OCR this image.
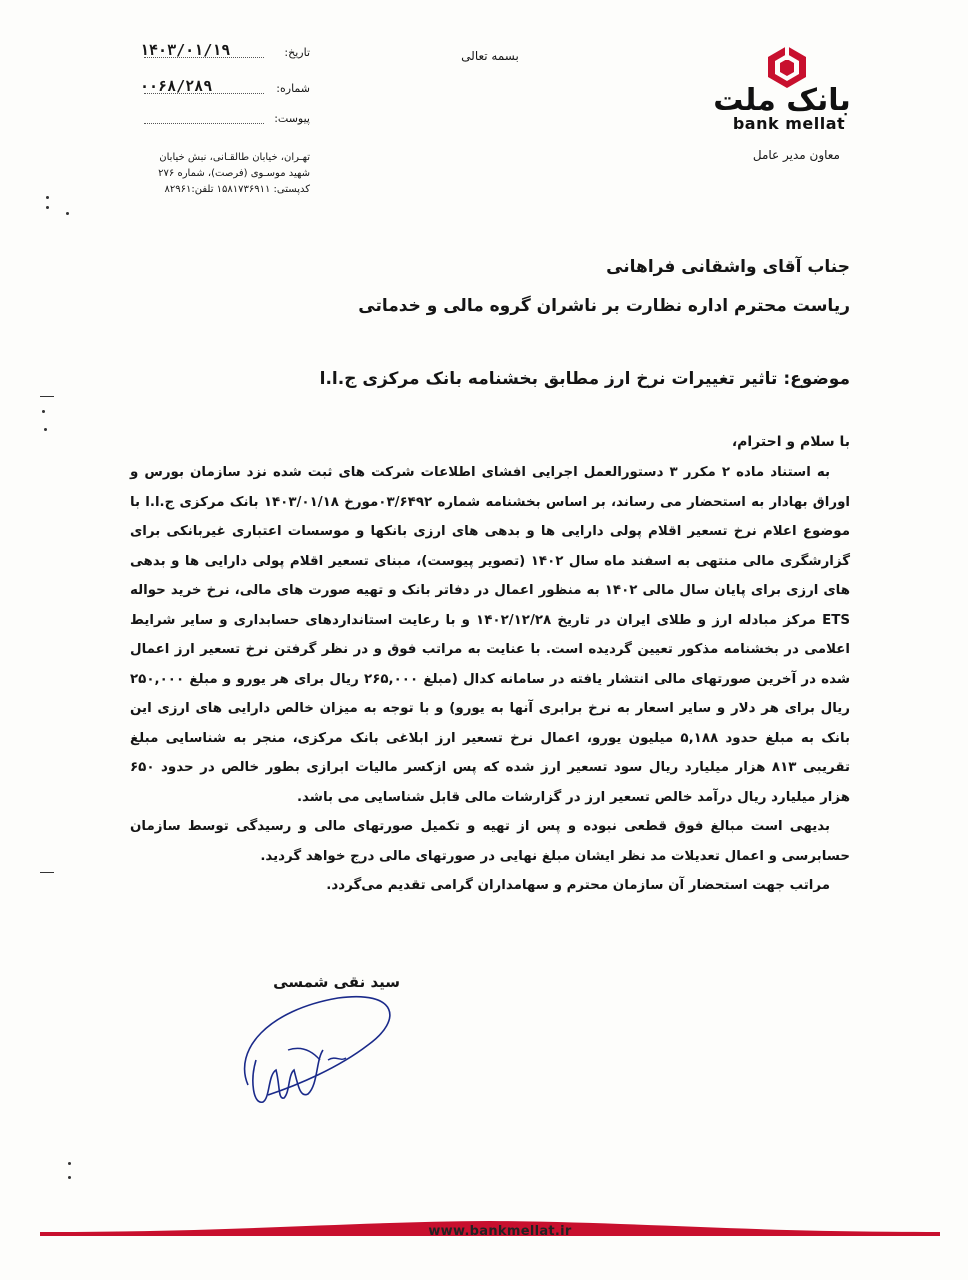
بانک ملت
bank mellat
معاون مدیر عامل
بسمه تعالی
تاریخ:
۱۴۰۳/۰۱/۱۹
شماره:
۰۰۶۸/۲۸۹
پیوست:
تهـران، خیابان طالقـانی، نبش خیابان
شهید موسـوی (فرصت)، شماره ۲۷۶
کدپستی: ۱۵۸۱۷۳۶۹۱۱ تلفن:۸۲۹۶۱
جناب آقای واشقانی فراهانی
ریاست محترم اداره نظارت بر ناشران گروه مالی و خدماتی
موضوع: تاثیر تغییرات نرخ ارز مطابق بخشنامه بانک مرکزی ج.ا.ا
با سلام و احترام،

به استناد ماده ۲ مکرر ۳ دستورالعمل اجرایی افشای اطلاعات شرکت های ثبت شده نزد سازمان بورس و اوراق بهادار به استحضار می رساند، بر اساس بخشنامه شماره ۰۳/۶۴۹۲مورخ ۱۴۰۳/۰۱/۱۸ بانک مرکزی ج.ا.ا با موضوع اعلام نرخ تسعیر اقلام پولی دارایی ها و بدهی های ارزی بانکها و موسسات اعتباری غیربانکی برای گزارشگری مالی منتهی به اسفند ماه سال ۱۴۰۲ (تصویر پیوست)، مبنای تسعیر اقلام پولی دارایی ها و بدهی های ارزی برای پایان سال مالی ۱۴۰۲ به منظور اعمال در دفاتر بانک و تهیه صورت های مالی، نرخ خرید حواله ETS مرکز مبادله ارز و طلای ایران در تاریخ ۱۴۰۲/۱۲/۲۸ و با رعایت استانداردهای حسابداری و سایر شرایط اعلامی در بخشنامه مذکور تعیین گردیده است. با عنایت به مراتب فوق و در نظر گرفتن نرخ تسعیر ارز اعمال شده در آخرین صورتهای مالی انتشار یافته در سامانه کدال (مبلغ ۲۶۵,۰۰۰ ریال برای هر یورو و مبلغ ۲۵۰,۰۰۰ ریال برای هر دلار و سایر اسعار به نرخ برابری آنها به یورو) و با توجه به میزان خالص دارایی های ارزی این بانک به مبلغ حدود ۵,۱۸۸ میلیون یورو، اعمال نرخ تسعیر ارز ابلاغی بانک مرکزی، منجر به شناسایی مبلغ تقریبی ۸۱۳ هزار میلیارد ریال سود تسعیر ارز شده که پس ازکسر مالیات ابرازی بطور خالص در حدود ۶۵۰ هزار میلیارد ریال درآمد خالص تسعیر ارز در گزارشات مالی قابل شناسایی می باشد.

بدیهی است مبالغ فوق قطعی نبوده و پس از تهیه و تکمیل صورتهای مالی و رسیدگی توسط سازمان حسابرسی و اعمال تعدیلات مد نظر ایشان مبلغ نهایی در صورتهای مالی درج خواهد گردید.

مراتب جهت استحضار آن سازمان محترم و سهامداران گرامی تقدیم می‌گردد.

سید نقی شمسی
www.bankmellat.ir
